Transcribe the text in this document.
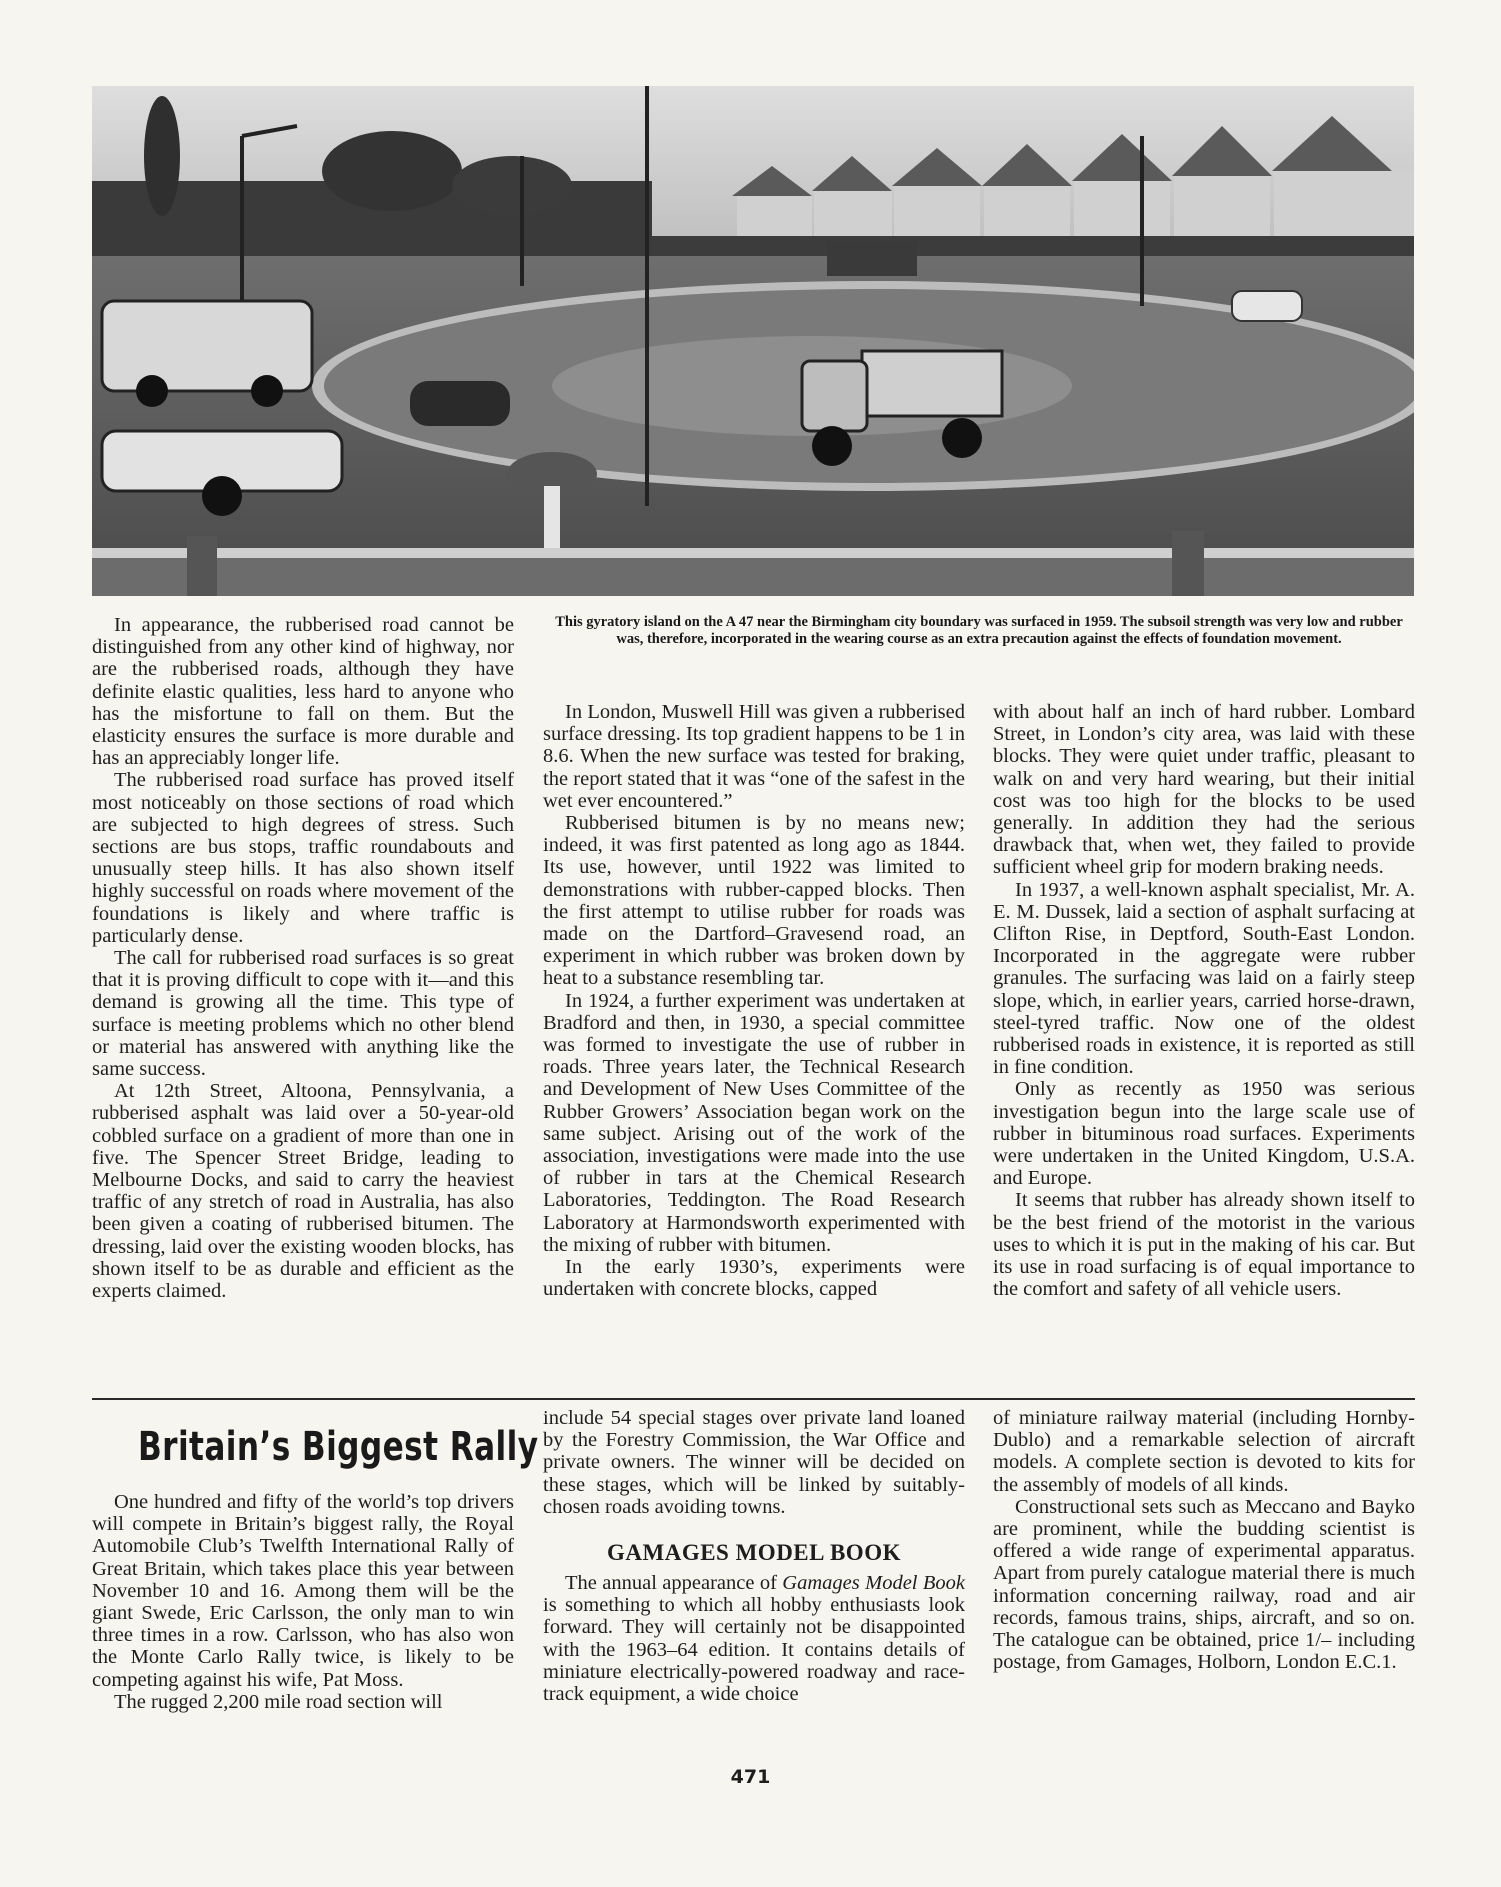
This gyratory island on the A 47 near the Birmingham city boundary was surfaced in 1959. The subsoil strength was very low and rubber was, therefore, incorporated in the wearing course as an extra precaution against the effects of foundation movement.

In appearance, the rubberised road cannot be distinguished from any other kind of highway, nor are the rubberised roads, although they have definite elastic qualities, less hard to anyone who has the misfortune to fall on them. But the elasticity ensures the surface is more durable and has an appreciably longer life.

The rubberised road surface has proved itself most noticeably on those sections of road which are subjected to high degrees of stress. Such sections are bus stops, traffic roundabouts and unusually steep hills. It has also shown itself highly successful on roads where movement of the foundations is likely and where traffic is particularly dense.

The call for rubberised road surfaces is so great that it is proving difficult to cope with it—and this demand is growing all the time. This type of surface is meeting problems which no other blend or material has answered with anything like the same success.

At 12th Street, Altoona, Pennsylvania, a rubberised asphalt was laid over a 50-year-old cobbled surface on a gradient of more than one in five. The Spencer Street Bridge, leading to Melbourne Docks, and said to carry the heaviest traffic of any stretch of road in Australia, has also been given a coating of rubberised bitumen. The dressing, laid over the existing wooden blocks, has shown itself to be as durable and efficient as the experts claimed.

In London, Muswell Hill was given a rubberised surface dressing. Its top gradient happens to be 1 in 8.6. When the new surface was tested for braking, the report stated that it was “one of the safest in the wet ever encountered.”

Rubberised bitumen is by no means new; indeed, it was first patented as long ago as 1844. Its use, however, until 1922 was limited to demonstrations with rubber-capped blocks. Then the first attempt to utilise rubber for roads was made on the Dartford–Gravesend road, an experiment in which rubber was broken down by heat to a substance resembling tar.

In 1924, a further experiment was undertaken at Bradford and then, in 1930, a special committee was formed to investigate the use of rubber in roads. Three years later, the Technical Research and Development of New Uses Committee of the Rubber Growers’ Association began work on the same subject. Arising out of the work of the association, investigations were made into the use of rubber in tars at the Chemical Research Laboratories, Teddington. The Road Research Laboratory at Harmondsworth experimented with the mixing of rubber with bitumen.

In the early 1930’s, experiments were undertaken with concrete blocks, capped

with about half an inch of hard rubber. Lombard Street, in London’s city area, was laid with these blocks. They were quiet under traffic, pleasant to walk on and very hard wearing, but their initial cost was too high for the blocks to be used generally. In addition they had the serious drawback that, when wet, they failed to provide sufficient wheel grip for modern braking needs.

In 1937, a well-known asphalt specialist, Mr. A. E. M. Dussek, laid a section of asphalt surfacing at Clifton Rise, in Deptford, South-East London. Incorporated in the aggregate were rubber granules. The surfacing was laid on a fairly steep slope, which, in earlier years, carried horse-drawn, steel-tyred traffic. Now one of the oldest rubberised roads in existence, it is reported as still in fine condition.

Only as recently as 1950 was serious investigation begun into the large scale use of rubber in bituminous road surfaces. Experiments were undertaken in the United Kingdom, U.S.A. and Europe.

It seems that rubber has already shown itself to be the best friend of the motorist in the various uses to which it is put in the making of his car. But its use in road surfacing is of equal importance to the comfort and safety of all vehicle users.

Britain’s Biggest Rally

One hundred and fifty of the world’s top drivers will compete in Britain’s biggest rally, the Royal Automobile Club’s Twelfth International Rally of Great Britain, which takes place this year between November 10 and 16. Among them will be the giant Swede, Eric Carlsson, the only man to win three times in a row. Carlsson, who has also won the Monte Carlo Rally twice, is likely to be competing against his wife, Pat Moss.

The rugged 2,200 mile road section will

include 54 special stages over private land loaned by the Forestry Commission, the War Office and private owners. The winner will be decided on these stages, which will be linked by suitably-chosen roads avoiding towns.

GAMAGES MODEL BOOK

The annual appearance of Gamages Model Book is something to which all hobby enthusiasts look forward. They will certainly not be disappointed with the 1963–64 edition. It contains details of miniature electrically-powered roadway and race-track equipment, a wide choice

of miniature railway material (including Hornby-Dublo) and a remarkable selection of aircraft models. A complete section is devoted to kits for the assembly of models of all kinds.

Constructional sets such as Meccano and Bayko are prominent, while the budding scientist is offered a wide range of experimental apparatus. Apart from purely catalogue material there is much information concerning railway, road and air records, famous trains, ships, aircraft, and so on. The catalogue can be obtained, price 1/– including postage, from Gamages, Holborn, London E.C.1.

471
